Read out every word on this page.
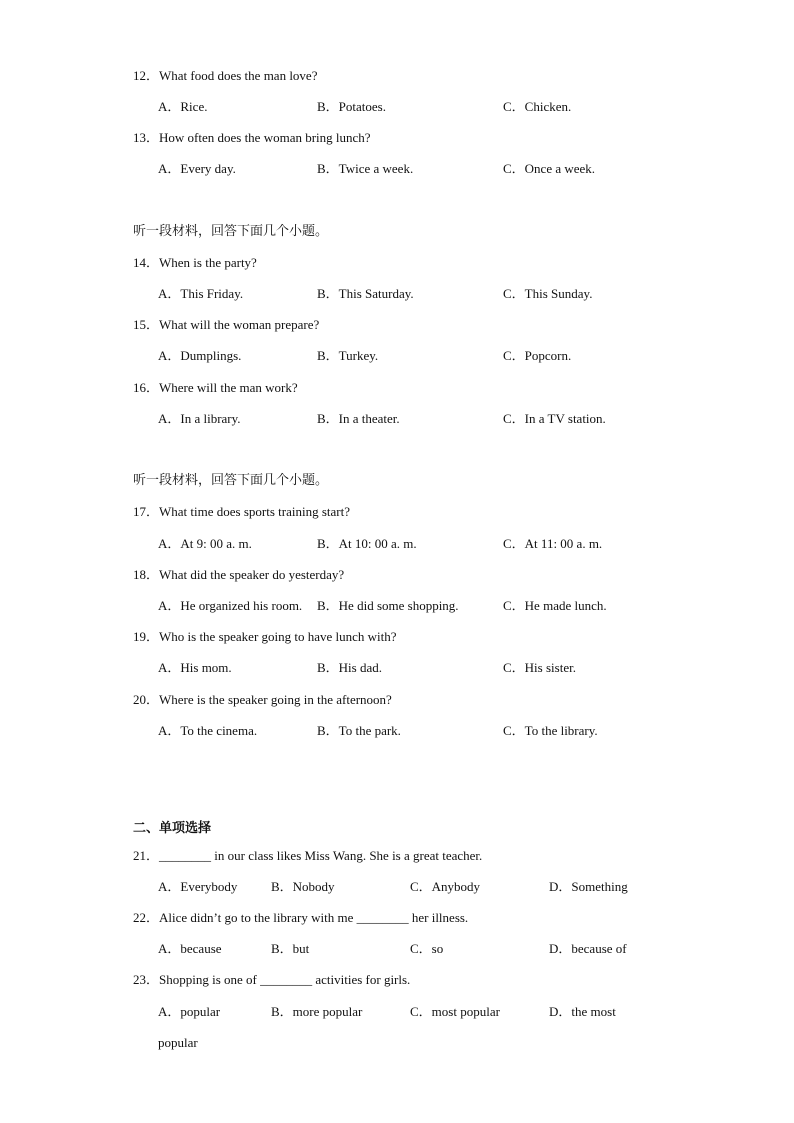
12．What food does the man love?
A．Rice.	B．Potatoes.	C．Chicken.
13．How often does the woman bring lunch?
A．Every day.	B．Twice a week.	C．Once a week.
听一段材料，回答下面几个小题。
14．When is the party?
A．This Friday.	B．This Saturday.	C．This Sunday.
15．What will the woman prepare?
A．Dumplings.	B．Turkey.	C．Popcorn.
16．Where will the man work?
A．In a library.	B．In a theater.	C．In a TV station.
听一段材料，回答下面几个小题。
17．What time does sports training start?
A．At 9: 00 a. m.	B．At 10: 00 a. m.	C．At 11: 00 a. m.
18．What did the speaker do yesterday?
A．He organized his room. B．He did some shopping.	C．He made lunch.
19．Who is the speaker going to have lunch with?
A．His mom.	B．His dad.	C．His sister.
20．Where is the speaker going in the afternoon?
A．To the cinema.	B．To the park.	C．To the library.
二、单项选择
21．________ in our class likes Miss Wang. She is a great teacher.
A．Everybody	B．Nobody	C．Anybody	D．Something
22．Alice didn’t go to the library with me ________ her illness.
A．because	B．but	C．so	D．because of
23．Shopping is one of ________ activities for girls.
A．popular	B．more popular	C．most popular	D．the most
popular
